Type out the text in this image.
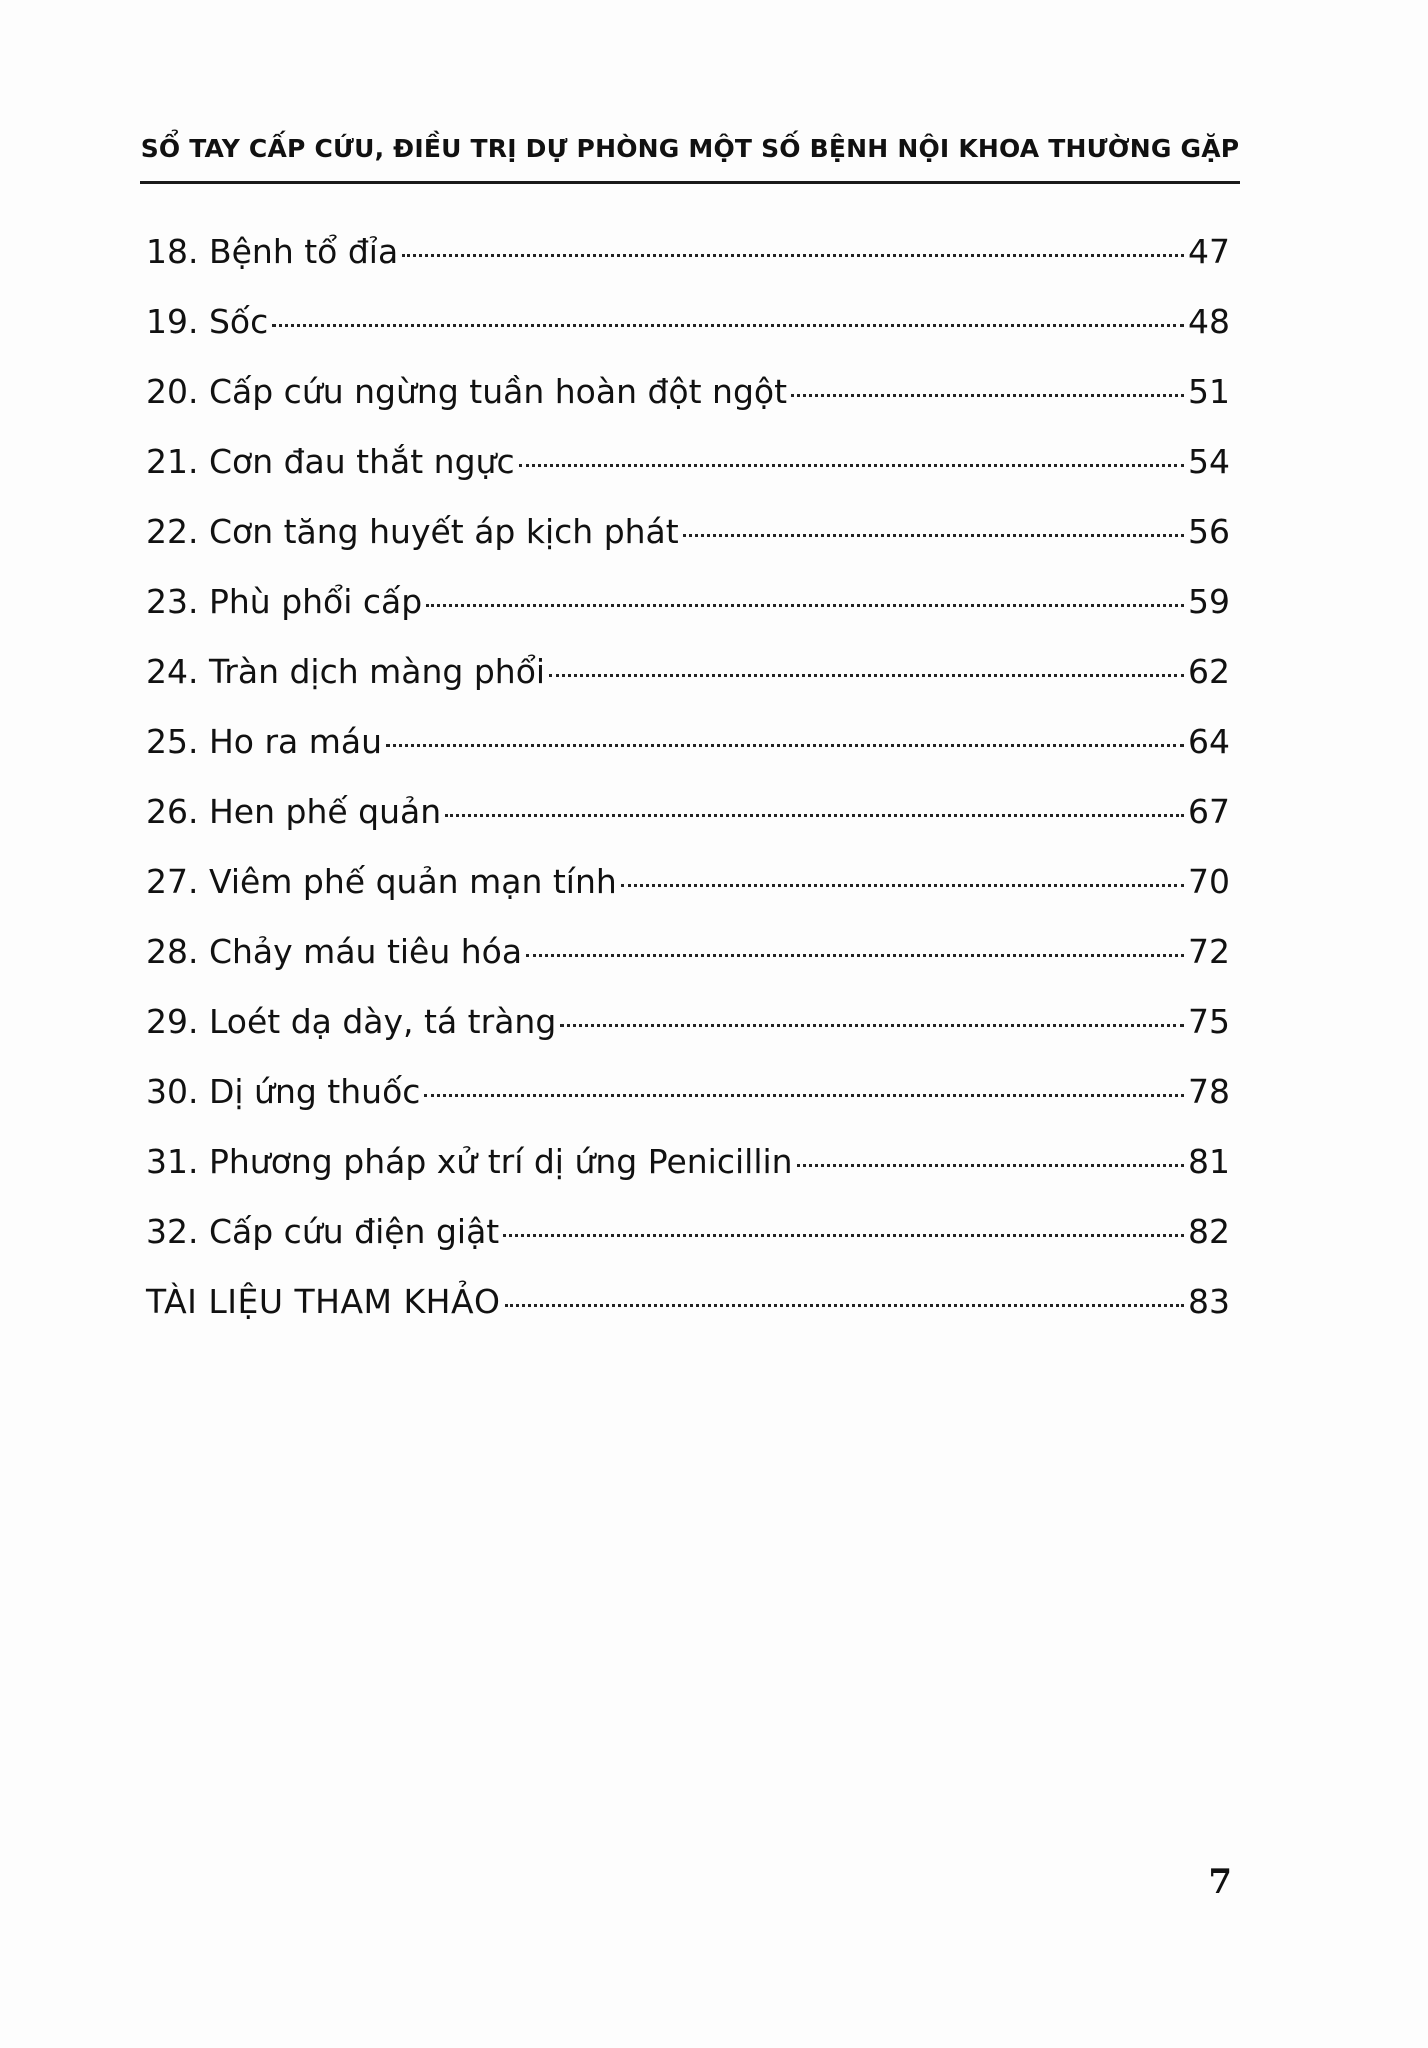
SỔ TAY CẤP CỨU, ĐIỀU TRỊ DỰ PHÒNG MỘT SỐ BỆNH NỘI KHOA THƯỜNG GẶP
18. Bệnh tổ đỉa	47
19. Sốc	48
20. Cấp cứu ngừng tuần hoàn đột ngột	51
21. Cơn đau thắt ngực	54
22. Cơn tăng huyết áp kịch phát	56
23. Phù phổi cấp	59
24. Tràn dịch màng phổi	62
25. Ho ra máu	64
26. Hen phế quản	67
27. Viêm phế quản mạn tính	70
28. Chảy máu tiêu hóa	72
29. Loét dạ dày, tá tràng	75
30. Dị ứng thuốc	78
31. Phương pháp xử trí dị ứng Penicillin	81
32. Cấp cứu điện giật	82
TÀI LIỆU THAM KHẢO	83
7
